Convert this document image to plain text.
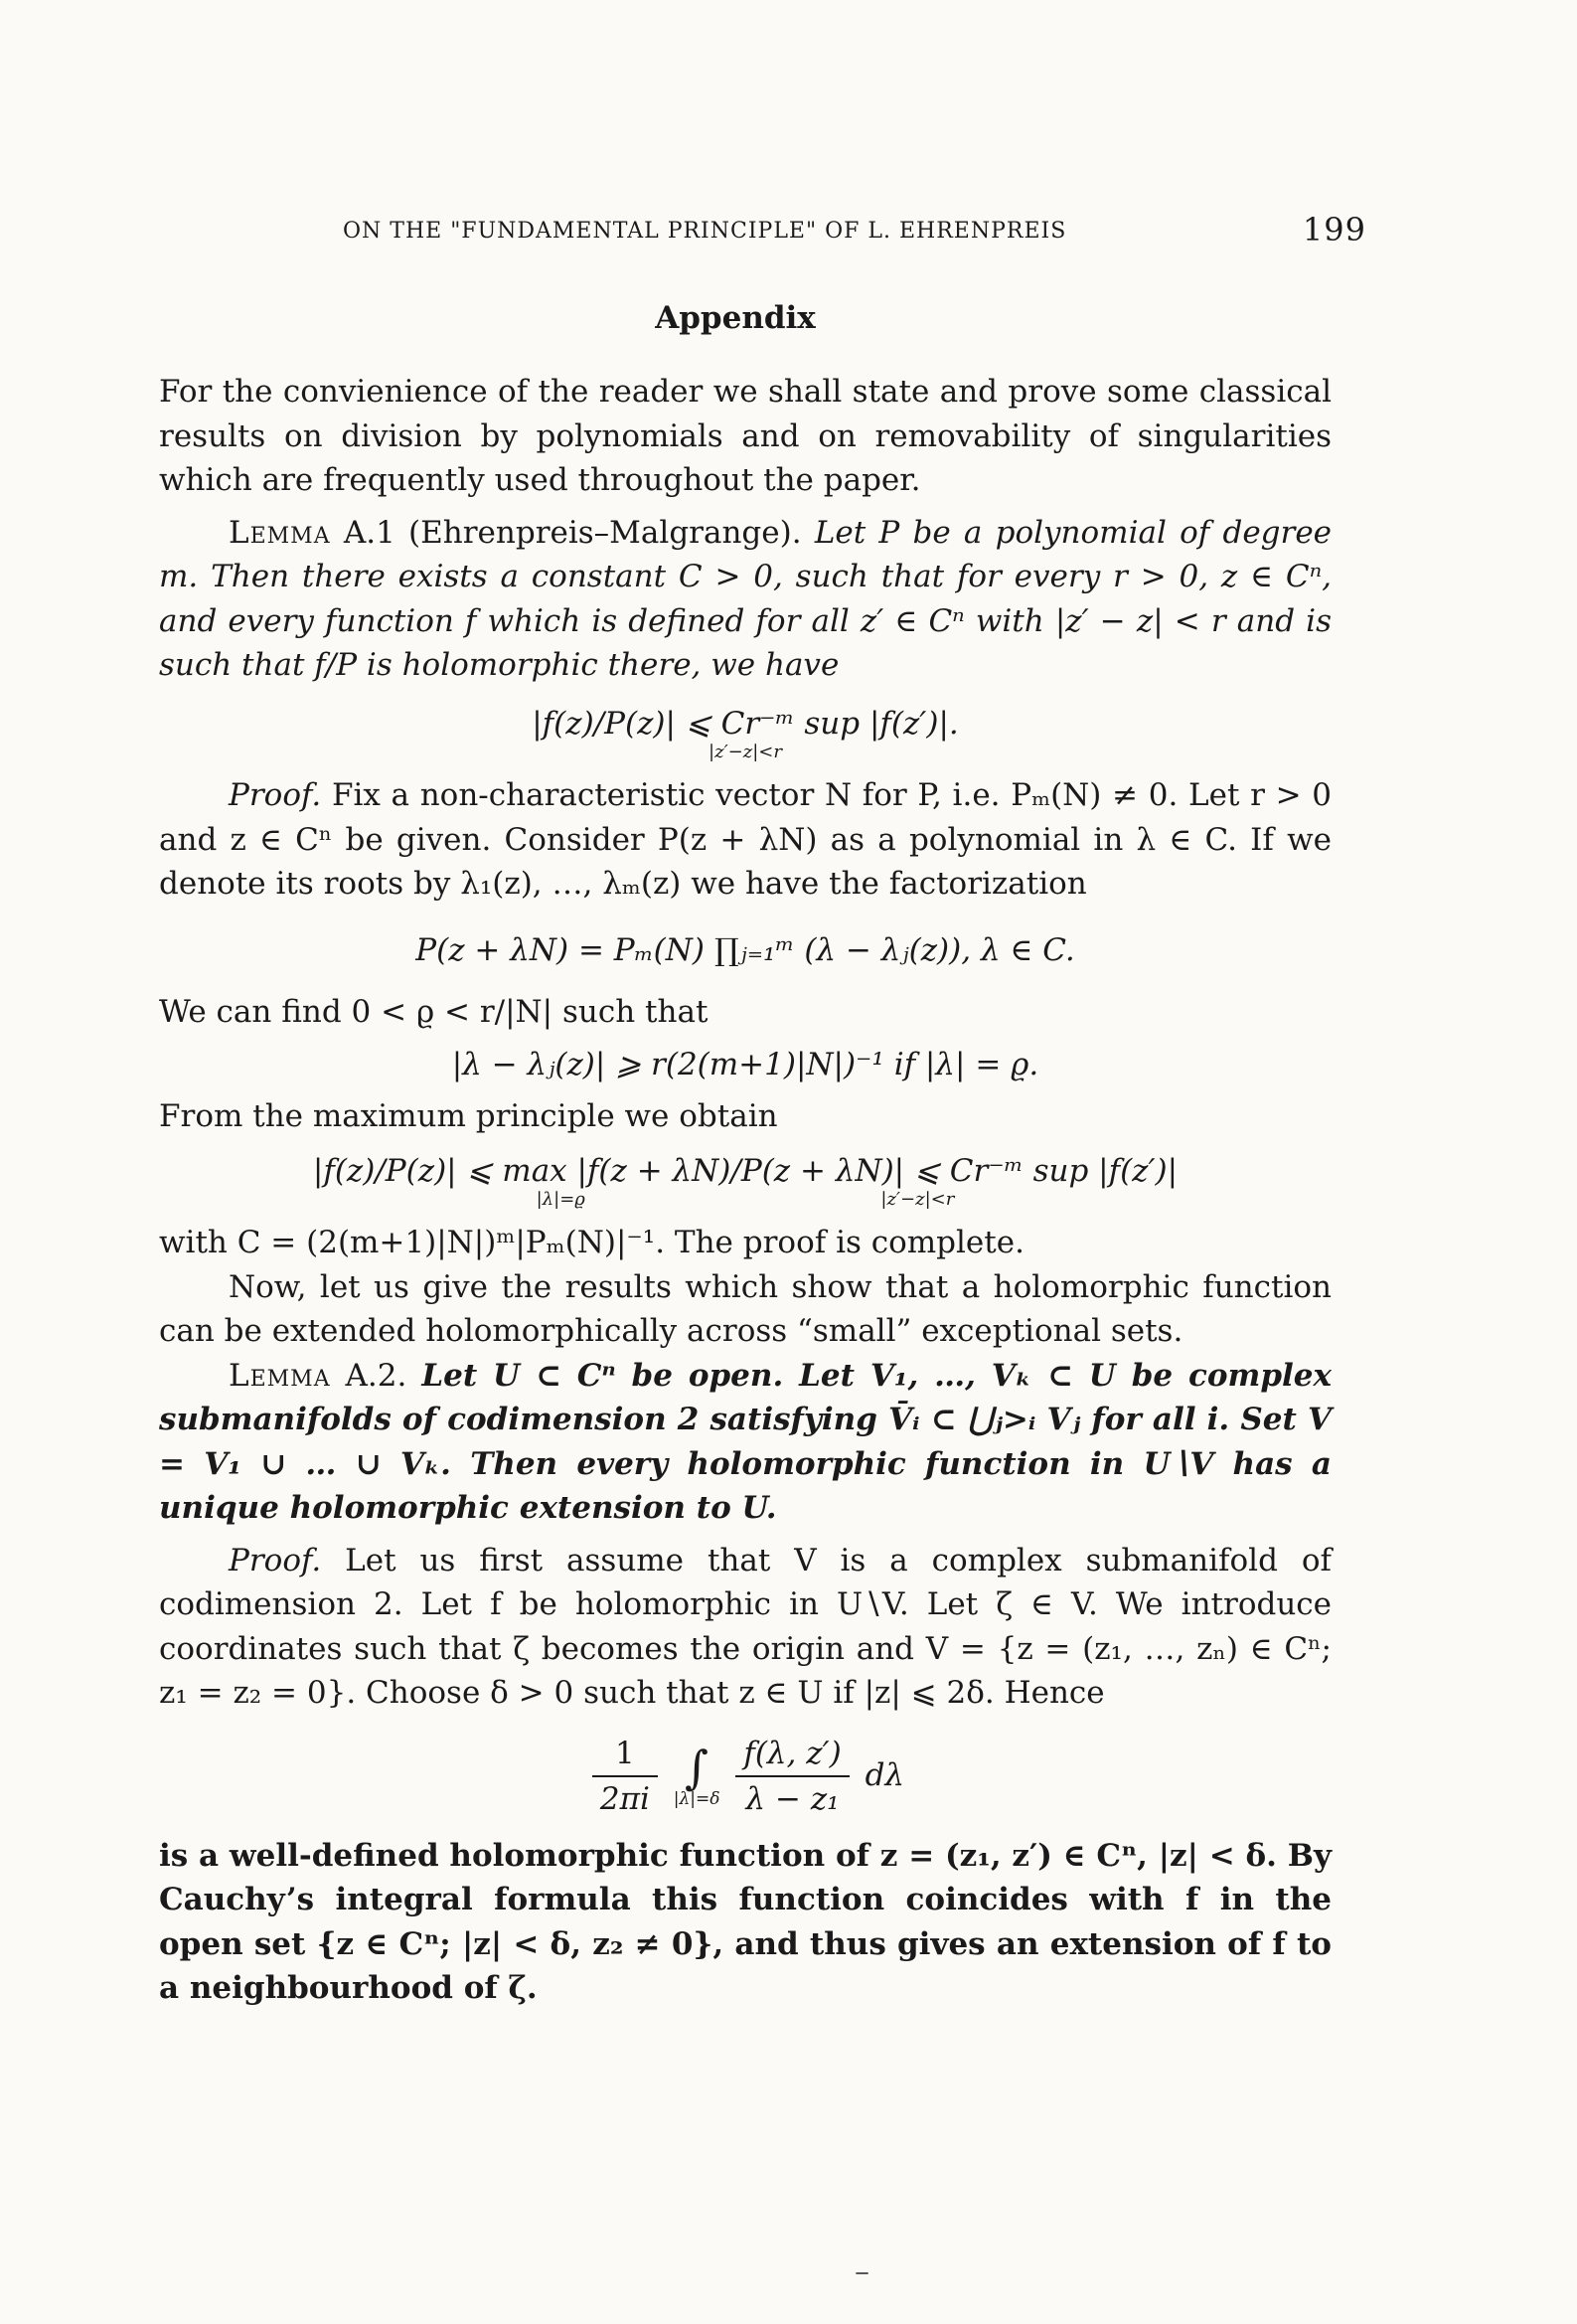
ON THE "FUNDAMENTAL PRINCIPLE" OF L. EHRENPREIS	199
Appendix

For the convienience of the reader we shall state and prove some classical results on division by polynomials and on removability of singularities which are frequently used throughout the paper.

Lemma A.1 (Ehrenpreis–Malgrange). Let P be a polynomial of degree m. Then there exists a constant C > 0, such that for every r > 0, z ∈ Cⁿ, and every function f which is defined for all z′ ∈ Cⁿ with |z′ − z| < r and is such that f/P is holomorphic there, we have

|f(z)/P(z)| ⩽ Cr⁻ᵐ sup |f(z′)|.
|z′−z|<r

Proof. Fix a non-characteristic vector N for P, i.e. Pₘ(N) ≠ 0. Let r > 0 and z ∈ Cⁿ be given. Consider P(z + λN) as a polynomial in λ ∈ C. If we denote its roots by λ₁(z), …, λₘ(z) we have the factorization

P(z + λN) = Pₘ(N) ∏ⱼ₌₁ᵐ (λ − λⱼ(z)), λ ∈ C.

We can find 0 < ϱ < r/|N| such that

|λ − λⱼ(z)| ⩾ r(2(m+1)|N|)⁻¹ if |λ| = ϱ.

From the maximum principle we obtain

|f(z)/P(z)| ⩽ max |f(z + λN)/P(z + λN)| ⩽ Cr⁻ᵐ sup |f(z′)|
|λ|=ϱ                                                    |z′−z|<r

with C = (2(m+1)|N|)ᵐ|Pₘ(N)|⁻¹. The proof is complete.

Now, let us give the results which show that a holomorphic function can be extended holomorphically across “small” exceptional sets.

Lemma A.2. Let U ⊂ Cⁿ be open. Let V₁, …, Vₖ ⊂ U be complex submanifolds of codimension 2 satisfying V̄ᵢ ⊂ ⋃ⱼ>ᵢ Vⱼ for all i. Set V = V₁ ∪ … ∪ Vₖ. Then every holomorphic function in U∖V has a unique holomorphic extension to U.

Proof. Let us first assume that V is a complex submanifold of codimension 2. Let f be holomorphic in U∖V. Let ζ ∈ V. We introduce coordinates such that ζ becomes the origin and V = {z = (z₁, …, zₙ) ∈ Cⁿ; z₁ = z₂ = 0}. Choose δ > 0 such that z ∈ U if |z| ⩽ 2δ. Hence

$\frac{1}{2\pi i}$
∫
|λ|=δ
$\frac{f(\lambda, z')}{\text{λ − z₁}}$ dλ

is a well-defined holomorphic function of z = (z₁, z′) ∈ Cⁿ, |z| < δ. By Cauchy’s integral formula this function coincides with f in the open set {z ∈ Cⁿ; |z| < δ, z₂ ≠ 0}, and thus gives an extension of f to a neighbourhood of ζ.

–
